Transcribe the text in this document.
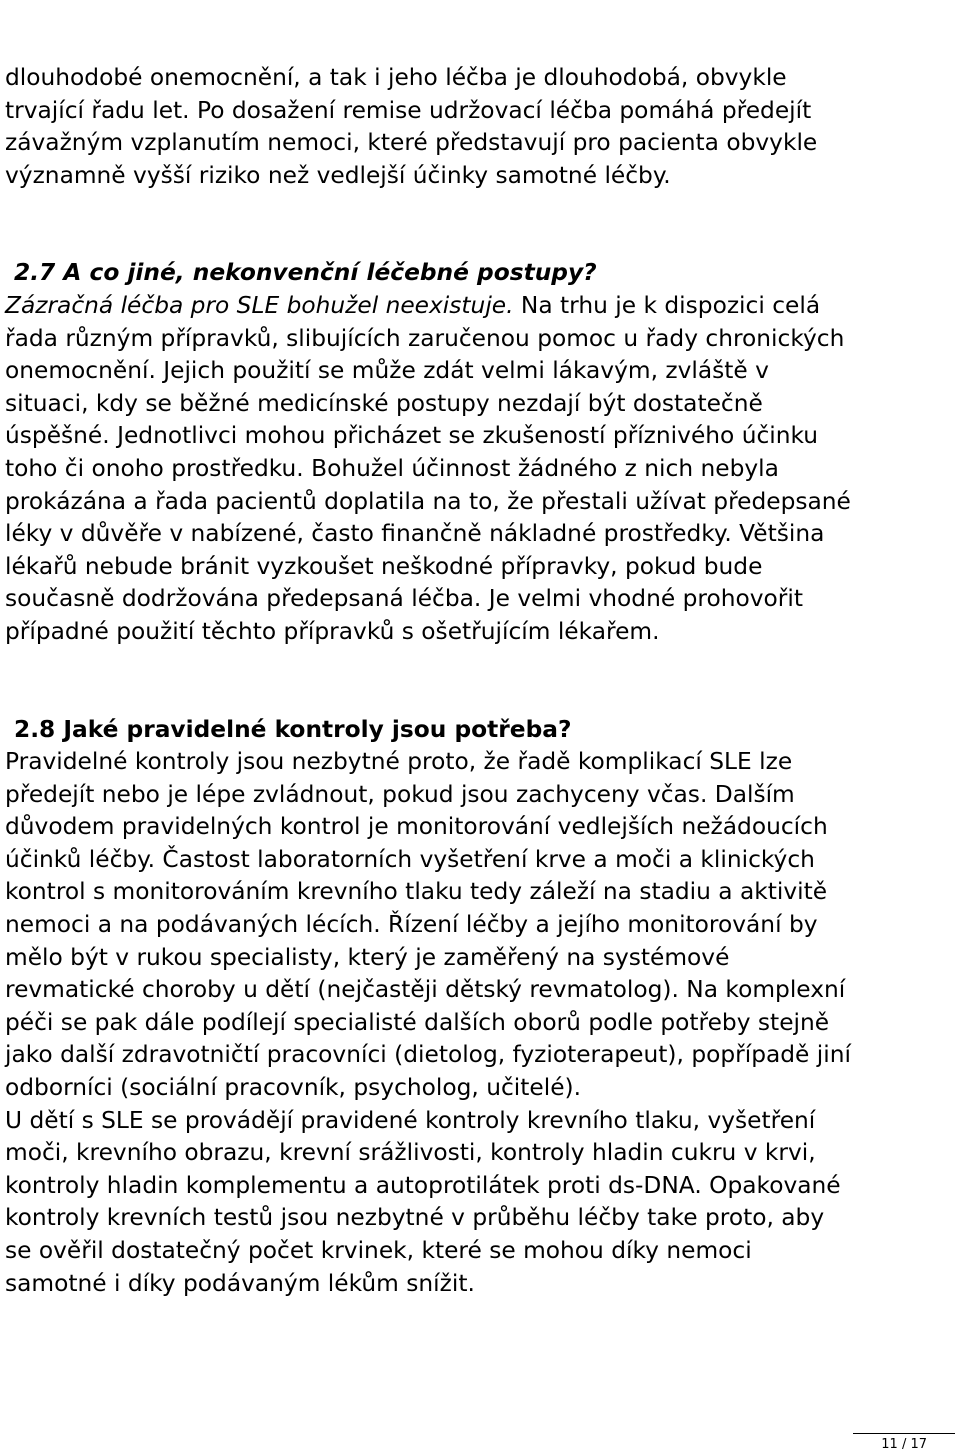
dlouhodobé onemocnění, a tak i jeho léčba je dlouhodobá, obvykle
trvající řadu let. Po dosažení remise udržovací léčba pomáhá předejít
závažným vzplanutím nemoci, které představují pro pacienta obvykle
významně vyšší riziko než vedlejší účinky samotné léčby.

2.7 A co jiné, nekonvenční léčebné postupy?

Zázračná léčba pro SLE bohužel neexistuje. Na trhu je k dispozici celá
řada různým přípravků, slibujících zaručenou pomoc u řady chronických
onemocnění. Jejich použití se může zdát velmi lákavým, zvláště v
situaci, kdy se běžné medicínské postupy nezdají být dostatečně
úspěšné. Jednotlivci mohou přicházet se zkušeností příznivého účinku
toho či onoho prostředku. Bohužel účinnost žádného z nich nebyla
prokázána a řada pacientů doplatila na to, že přestali užívat předepsané
léky v důvěře v nabízené, často finančně nákladné prostředky. Většina
lékařů nebude bránit vyzkoušet neškodné přípravky, pokud bude
současně dodržována předepsaná léčba. Je velmi vhodné prohovořit
případné použití těchto přípravků s ošetřujícím lékařem.

2.8 Jaké pravidelné kontroly jsou potřeba?

Pravidelné kontroly jsou nezbytné proto, že řadě komplikací SLE lze
předejít nebo je lépe zvládnout, pokud jsou zachyceny včas. Dalším
důvodem pravidelných kontrol je monitorování vedlejších nežádoucích
účinků léčby. Častost laboratorních vyšetření krve a moči a klinických
kontrol s monitorováním krevního tlaku tedy záleží na stadiu a aktivitě
nemoci a na podávaných lécích. Řízení léčby a jejího monitorování by
mělo být v rukou specialisty, který je zaměřený na systémové
revmatické choroby u dětí (nejčastěji dětský revmatolog). Na komplexní
péči se pak dále podílejí specialisté dalších oborů podle potřeby stejně
jako další zdravotničtí pracovníci (dietolog, fyzioterapeut), popřípadě jiní
odborníci (sociální pracovník, psycholog, učitelé).

U dětí s SLE se provádějí pravidené kontroly krevního tlaku, vyšetření
moči, krevního obrazu, krevní srážlivosti, kontroly hladin cukru v krvi,
kontroly hladin komplementu a autoprotilátek proti ds-DNA. Opakované
kontroly krevních testů jsou nezbytné v průběhu léčby take proto, aby
se ověřil dostatečný počet krvinek, které se mohou díky nemoci
samotné i díky podávaným lékům snížit.

11 / 17
